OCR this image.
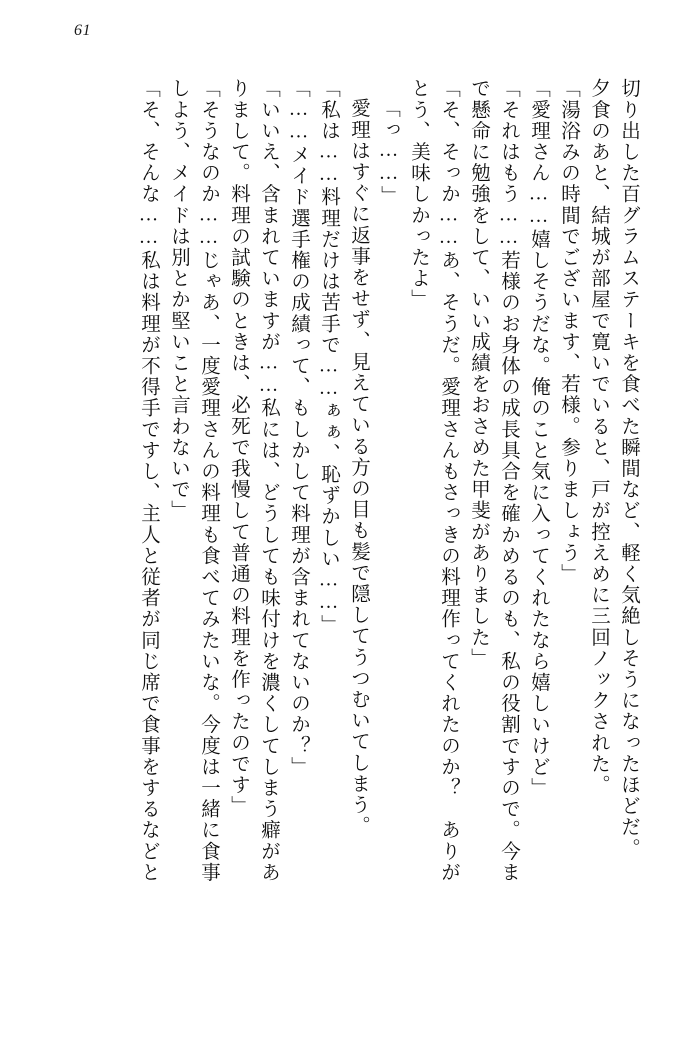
61
切り出した百グラムステーキを食べた瞬間など、軽く気絶しそうになったほどだ。
夕食のあと、結城が部屋で寛いでいると、戸が控えめに三回ノックされた。
「湯浴みの時間でございます、若様。参りましょう」
「愛理さん……嬉しそうだな。俺のこと気に入ってくれたなら嬉しいけど」
「それはもう……若様のお身体の成長具合を確かめるのも、私の役割ですので。今ま
で懸命に勉強をして、いい成績をおさめた甲斐がありました」
「そ、そっか……あ、そうだ。愛理さんもさっきの料理作ってくれたのか？　ありが
とう、美味しかったよ」
「っ……」
愛理はすぐに返事をせず、見えている方の目も髪で隠してうつむいてしまう。
「私は……料理だけは苦手で……ぁぁ、恥ずかしい……」
「……メイド選手権の成績って、もしかして料理が含まれてないのか？」
「いいえ、含まれていますが……私には、どうしても味付けを濃くしてしまう癖があ
りまして。料理の試験のときは、必死で我慢して普通の料理を作ったのです」
「そうなのか……じゃあ、一度愛理さんの料理も食べてみたいな。今度は一緒に食事
しよう、メイドは別とか堅いこと言わないで」
「そ、そんな……私は料理が不得手ですし、主人と従者が同じ席で食事をするなどと
